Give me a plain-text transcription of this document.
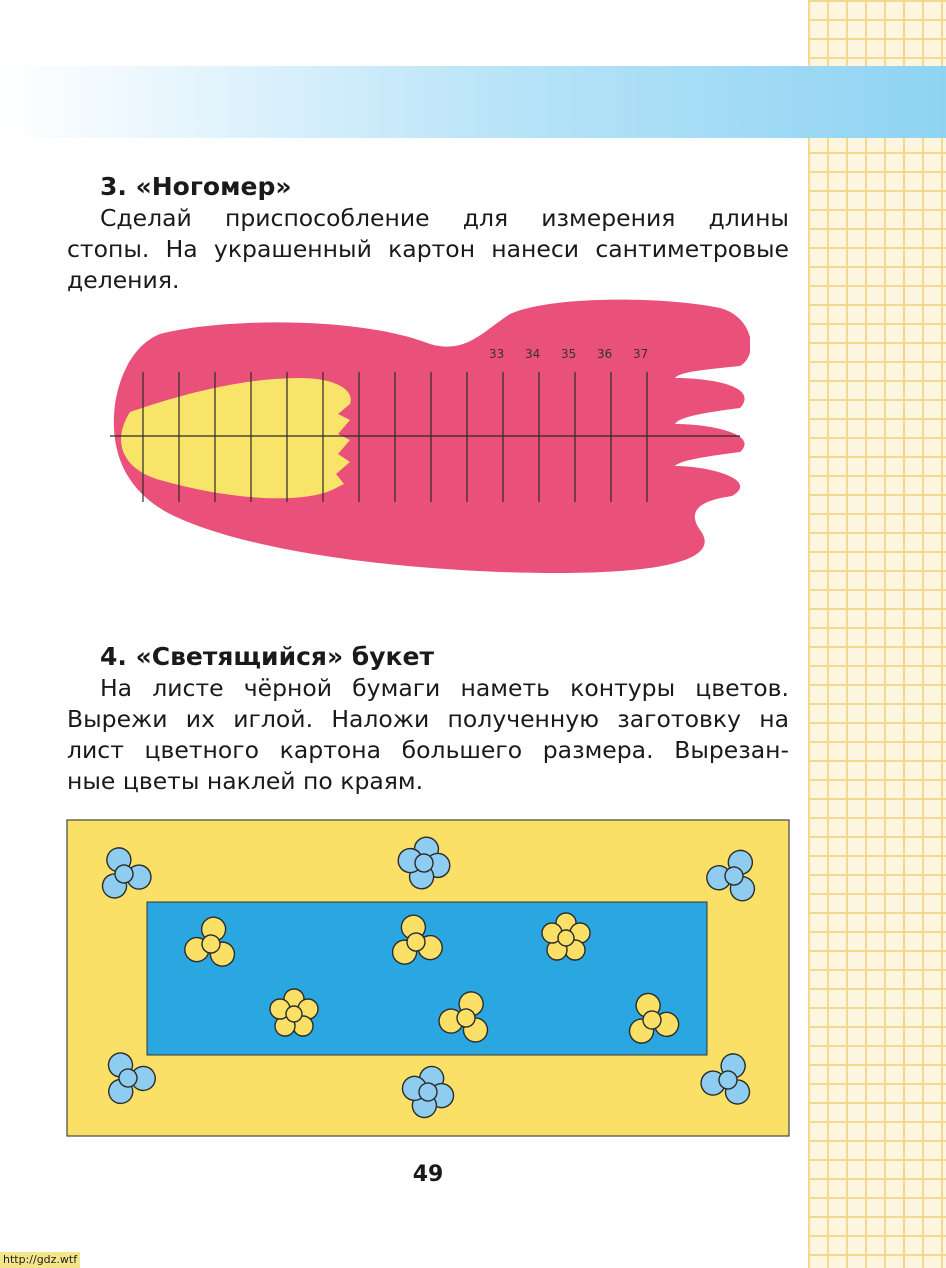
3. «Ногомер»
Сделай приспособление для измерения длины
стопы. На украшенный картон нанеси сантиметровые
деления.
33 34 35 36 37
4. «Светящийся» букет
На листе чёрной бумаги наметь контуры цветов.
Вырежи их иглой. Наложи полученную заготовку на
лист цветного картона большего размера. Вырезан-
ные цветы наклей по краям.
49
http://gdz.wtf
